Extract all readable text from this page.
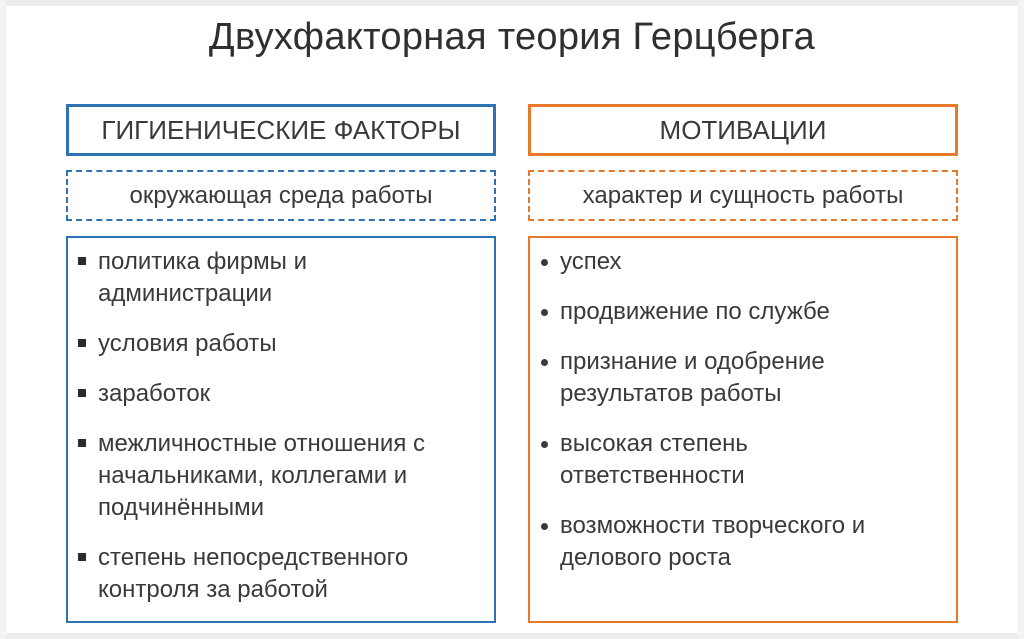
Двухфакторная теория Герцберга
ГИГИЕНИЧЕСКИЕ ФАКТОРЫ
окружающая среда работы
политика фирмы и администрации
условия работы
заработок
межличностные отношения с начальниками, коллегами и подчинёнными
степень непосредственного контроля за работой
МОТИВАЦИИ
характер и сущность работы
успех
продвижение по службе
признание и одобрение результатов работы
высокая степень ответственности
возможности творческого и делового роста
